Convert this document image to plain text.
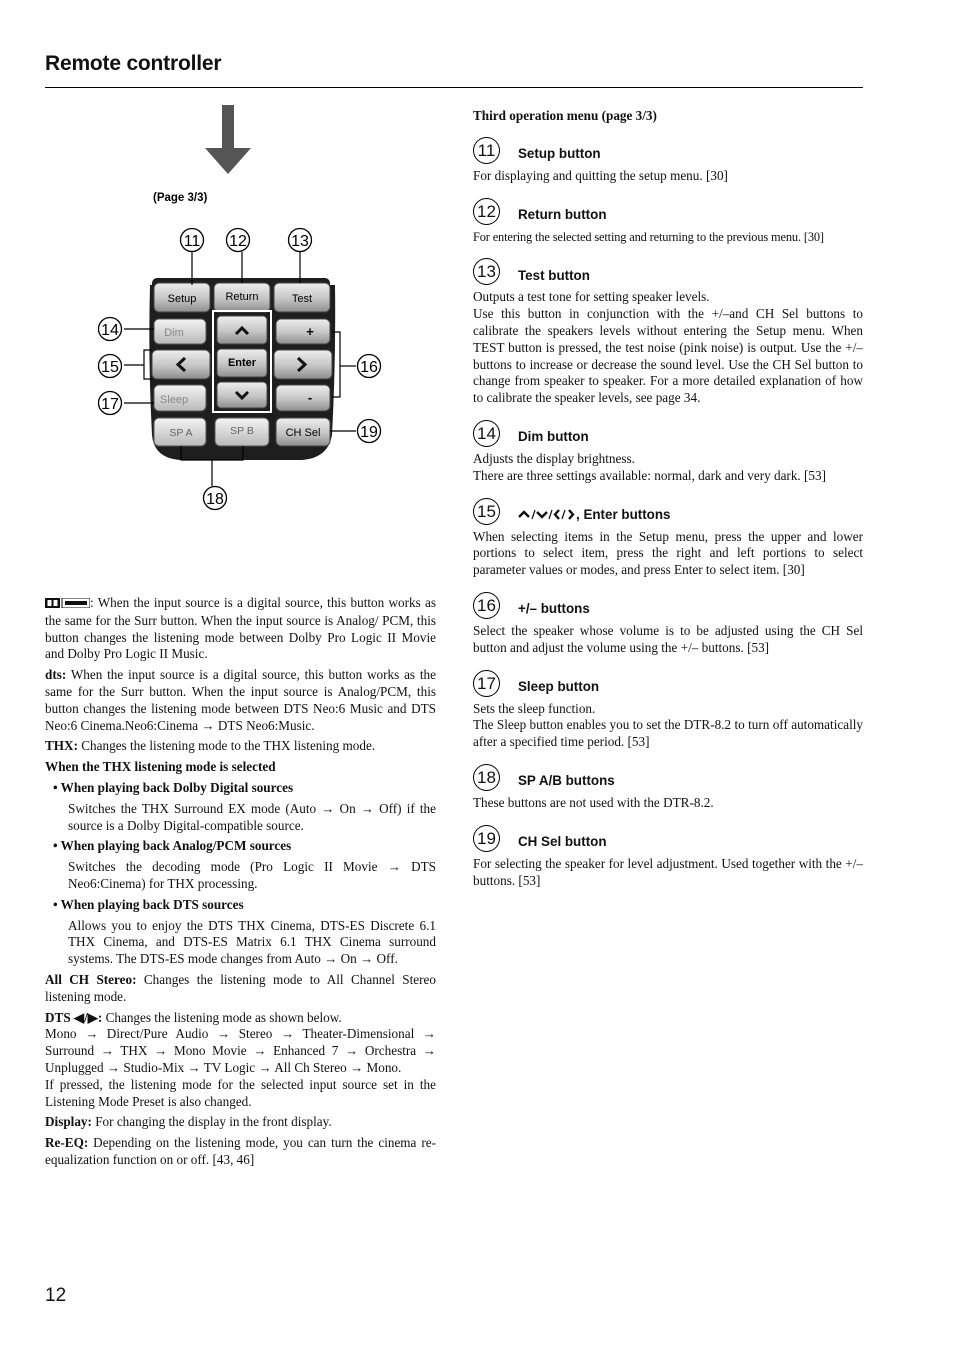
Remote controller
(Page 3/3)
Setup	Return	Test
Dim
Sleep
Enter
+
-
SP A	SP B	CH Sel
11 12	13
14
15	16
17
18
19

: When the input source is a digital source, this button works as the same for the Surr button. When the input source is Analog/ PCM, this button changes the listening mode between Dolby Pro Logic II Movie and Dolby Pro Logic II Music.

dts: When the input source is a digital source, this button works as the same for the Surr button. When the input source is Analog/PCM, this button changes the listening mode between DTS Neo:6 Music and DTS Neo:6 Cinema.Neo6:Cinema → DTS Neo6:Music.

THX: Changes the listening mode to the THX listening mode.

When the THX listening mode is selected

• When playing back Dolby Digital sources
Switches the THX Surround EX mode (Auto → On → Off) if the source is a Dolby Digital-compatible source.
• When playing back Analog/PCM sources
Switches the decoding mode (Pro Logic II Movie → DTS Neo6:Cinema) for THX processing.
• When playing back DTS sources
Allows you to enjoy the DTS THX Cinema, DTS-ES Discrete 6.1 THX Cinema, and DTS-ES Matrix 6.1 THX Cinema surround systems. The DTS-ES mode changes from Auto → On → Off.

All CH Stereo: Changes the listening mode to All Channel Stereo listening mode.

DTS ◀/▶: Changes the listening mode as shown below.
Mono → Direct/Pure Audio → Stereo → Theater-Dimensional → Surround → THX → Mono Movie → Enhanced 7 → Orchestra → Unplugged → Studio-Mix → TV Logic → All Ch Stereo → Mono.
If pressed, the listening mode for the selected input source set in the Listening Mode Preset is also changed.

Display: For changing the display in the front display.

Re-EQ: Depending on the listening mode, you can turn the cinema re-equalization function on or off. [43, 46]

Third operation menu (page 3/3)
11	Setup button

For displaying and quitting the setup menu. [30]

12	Return button

For entering the selected setting and returning to the previous menu. [30]

13	Test button

Outputs a test tone for setting speaker levels.

Use this button in conjunction with the +/–and CH Sel buttons to calibrate the speakers levels without entering the Setup menu. When TEST button is pressed, the test noise (pink noise) is output. Use the +/– buttons to increase or decrease the sound level. Use the CH Sel button to change from speaker to speaker. For a more detailed explanation of how to calibrate the speaker levels, see page 34.

14	Dim button

Adjusts the display brightness.

There are three settings available: normal, dark and very dark. [53]

15	, Enter buttons

When selecting items in the Setup menu, press the upper and lower portions to select item, press the right and left portions to select parameter values or modes, and press Enter to select item. [30]

16	+/– buttons

Select the speaker whose volume is to be adjusted using the CH Sel button and adjust the volume using the +/– buttons. [53]

17	Sleep button

Sets the sleep function.

The Sleep button enables you to set the DTR-8.2 to turn off automatically after a specified time period. [53]

18	SP A/B buttons

These buttons are not used with the DTR-8.2.

19	CH Sel button

For selecting the speaker for level adjustment. Used together with the +/– buttons. [53]

12
